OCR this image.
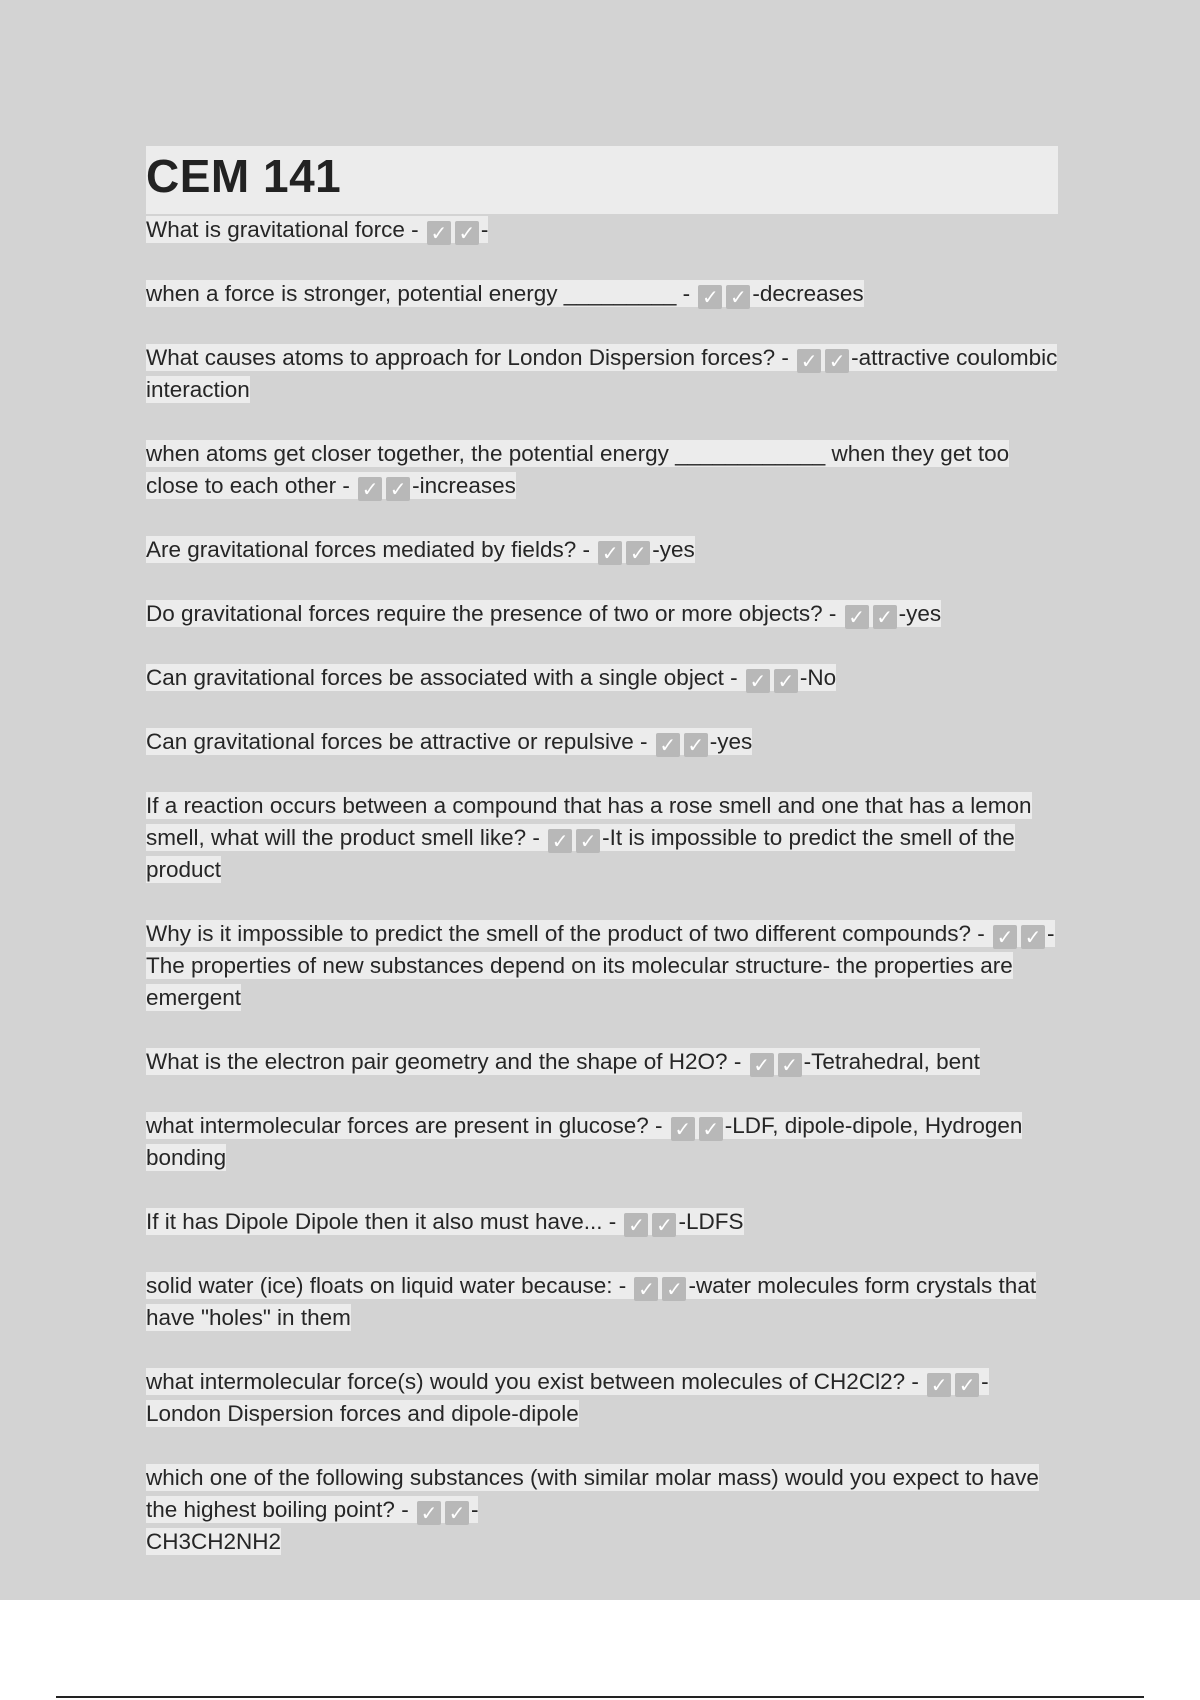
CEM 141
What is gravitational force - ✓ ✓ -
when a force is stronger, potential energy _________ - ✓ ✓ -decreases
What causes atoms to approach for London Dispersion forces? - ✓ ✓ -attractive coulombic interaction
when atoms get closer together, the potential energy ____________ when they get too close to each other - ✓ ✓ -increases
Are gravitational forces mediated by fields? - ✓ ✓ -yes
Do gravitational forces require the presence of two or more objects? - ✓ ✓ -yes
Can gravitational forces be associated with a single object - ✓ ✓ -No
Can gravitational forces be attractive or repulsive - ✓ ✓ -yes
If a reaction occurs between a compound that has a rose smell and one that has a lemon smell, what will the product smell like? - ✓ ✓ -It is impossible to predict the smell of the product
Why is it impossible to predict the smell of the product of two different compounds? - ✓ ✓ -The properties of new substances depend on its molecular structure- the properties are emergent
What is the electron pair geometry and the shape of H2O? - ✓ ✓ -Tetrahedral, bent
what intermolecular forces are present in glucose? - ✓ ✓ -LDF, dipole-dipole, Hydrogen bonding
If it has Dipole Dipole then it also must have... - ✓ ✓ -LDFS
solid water (ice) floats on liquid water because: - ✓ ✓ -water molecules form crystals that have "holes" in them
what intermolecular force(s) would you exist between molecules of CH2Cl2? - ✓ ✓ -London Dispersion forces and dipole-dipole
which one of the following substances (with similar molar mass) would you expect to have the highest boiling point? - ✓ ✓ -
CH3CH2NH2
